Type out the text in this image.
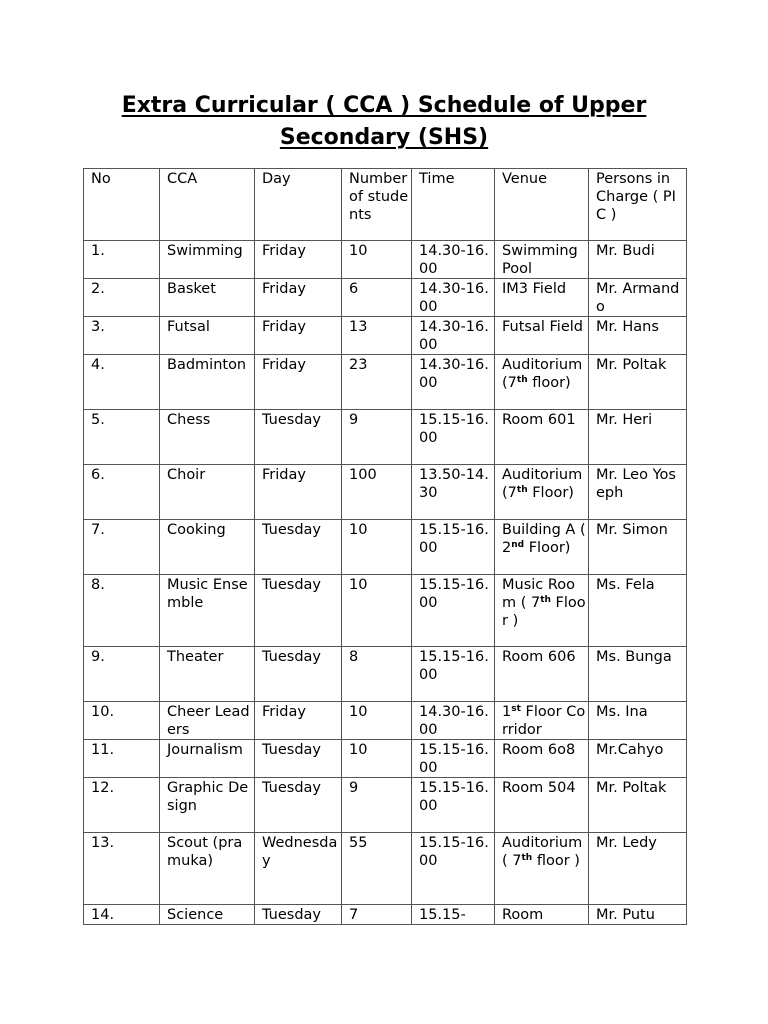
Extra Curricular ( CCA ) Schedule of Upper
Secondary (SHS)
No	CCA	Day	Number of students	Time	Venue	Persons in Charge ( PIC )
1.	Swimming	Friday	10	14.30-16.00	Swimming Pool	Mr. Budi
2.	Basket	Friday	6	14.30-16.00	IM3 Field	Mr. Armando
3.	Futsal	Friday	13	14.30-16.00	Futsal Field	Mr. Hans
4.	Badminton	Friday	23	14.30-16.00	Auditorium (7th floor)	Mr. Poltak
5.	Chess	Tuesday	9	15.15-16.00	Room 601	Mr. Heri
6.	Choir	Friday	100	13.50-14.30	Auditorium (7th Floor)	Mr. Leo Yoseph
7.	Cooking	Tuesday	10	15.15-16.00	Building A ( 2nd Floor)	Mr. Simon
8.	Music Ensemble	Tuesday	10	15.15-16.00	Music Room ( 7th Floor )	Ms. Fela
9.	Theater	Tuesday	8	15.15-16.00	Room 606	Ms. Bunga
10.	Cheer Leaders	Friday	10	14.30-16.00	1st Floor Corridor	Ms. Ina
11.	Journalism	Tuesday	10	15.15-16.00	Room 6o8	Mr.Cahyo
12.	Graphic Design	Tuesday	9	15.15-16.00	Room 504	Mr. Poltak
13.	Scout (pramuka)	Wednesday	55	15.15-16.00	Auditorium ( 7th floor )	Mr. Ledy
14.	Science	Tuesday	7	15.15-	Room	Mr. Putu
